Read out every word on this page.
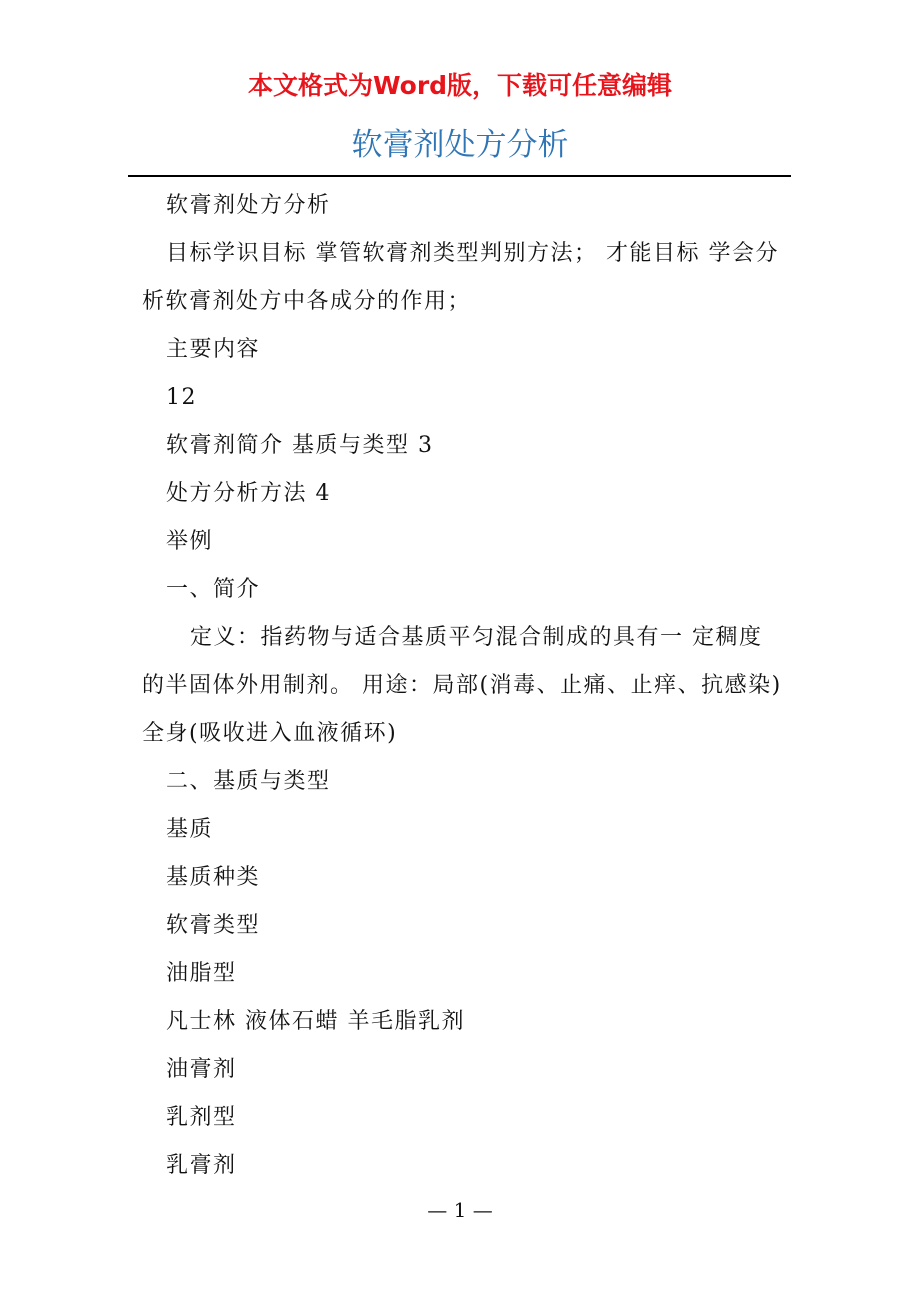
本文格式为Word版，下载可任意编辑
软膏剂处方分析

软膏剂处方分析

目标学识目标 掌管软膏剂类型判别方法； 才能目标 学会分析软膏剂处方中各成分的作用；

主要内容

12

软膏剂简介 基质与类型 3

处方分析方法 4

举例

一、简介

定义：指药物与适合基质平匀混合制成的具有一 定稠度的半固体外用制剂。 用途：局部(消毒、止痛、止痒、抗感染) 全身(吸收进入血液循环)

二、基质与类型

基质

基质种类

软膏类型

油脂型

凡士林 液体石蜡 羊毛脂乳剂

油膏剂

乳剂型

乳膏剂

— 1 —
